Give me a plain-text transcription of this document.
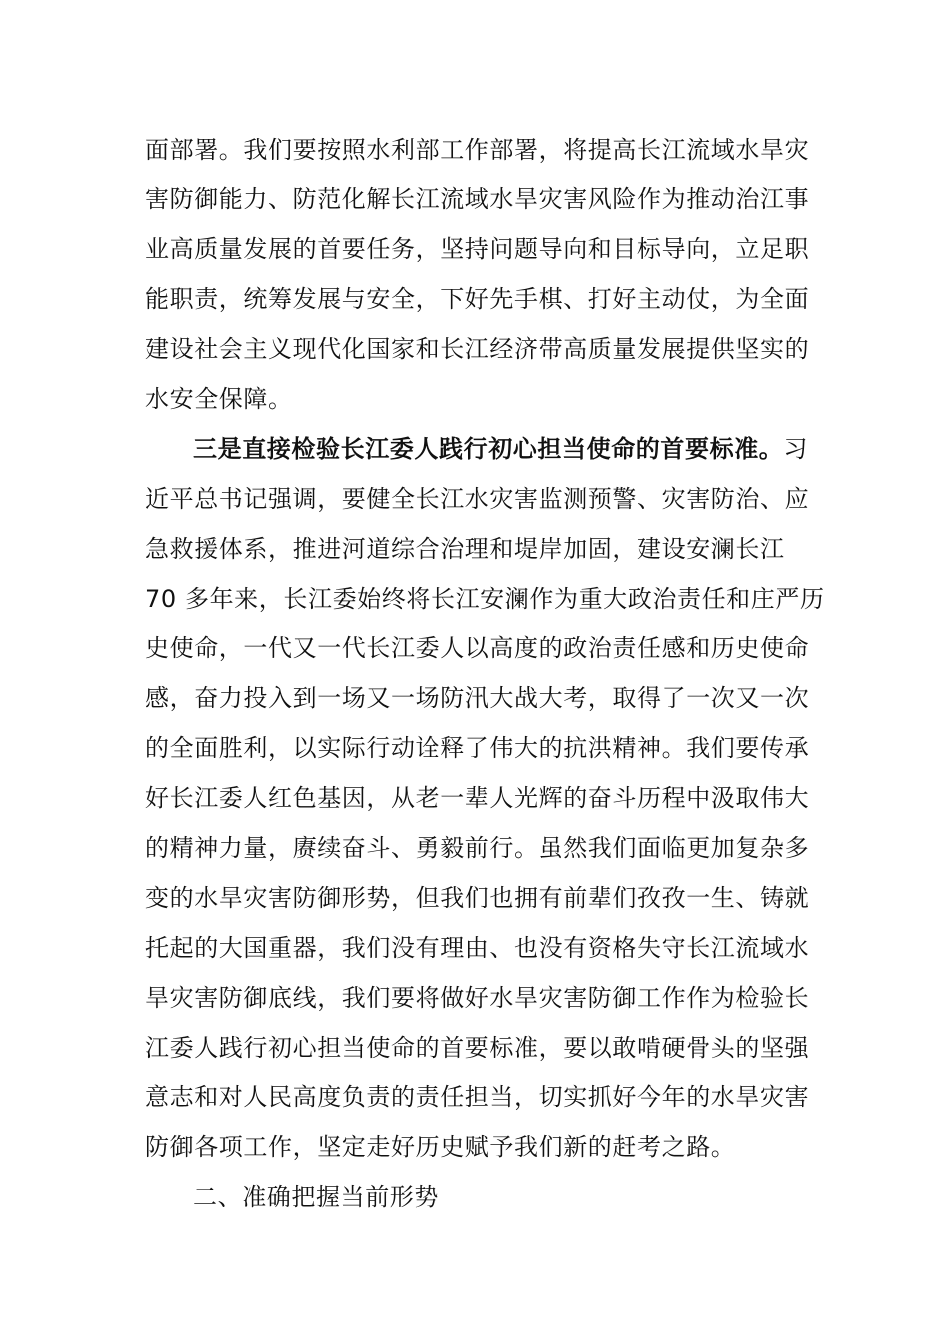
面部署。我们要按照水利部工作部署，将提高长江流域水旱灾

害防御能力、防范化解长江流域水旱灾害风险作为推动治江事

业高质量发展的首要任务，坚持问题导向和目标导向，立足职

能职责，统筹发展与安全，下好先手棋、打好主动仗，为全面

建设社会主义现代化国家和长江经济带高质量发展提供坚实的

水安全保障。

三是直接检验长江委人践行初心担当使命的首要标准。习

近平总书记强调，要健全长江水灾害监测预警、灾害防治、应

急救援体系，推进河道综合治理和堤岸加固，建设安澜长江

70 多年来，长江委始终将长江安澜作为重大政治责任和庄严历

史使命，一代又一代长江委人以高度的政治责任感和历史使命

感，奋力投入到一场又一场防汛大战大考，取得了一次又一次

的全面胜利，以实际行动诠释了伟大的抗洪精神。我们要传承

好长江委人红色基因，从老一辈人光辉的奋斗历程中汲取伟大

的精神力量，赓续奋斗、勇毅前行。虽然我们面临更加复杂多

变的水旱灾害防御形势，但我们也拥有前辈们孜孜一生、铸就

托起的大国重器，我们没有理由、也没有资格失守长江流域水

旱灾害防御底线，我们要将做好水旱灾害防御工作作为检验长

江委人践行初心担当使命的首要标准，要以敢啃硬骨头的坚强

意志和对人民高度负责的责任担当，切实抓好今年的水旱灾害

防御各项工作，坚定走好历史赋予我们新的赶考之路。

二、准确把握当前形势
